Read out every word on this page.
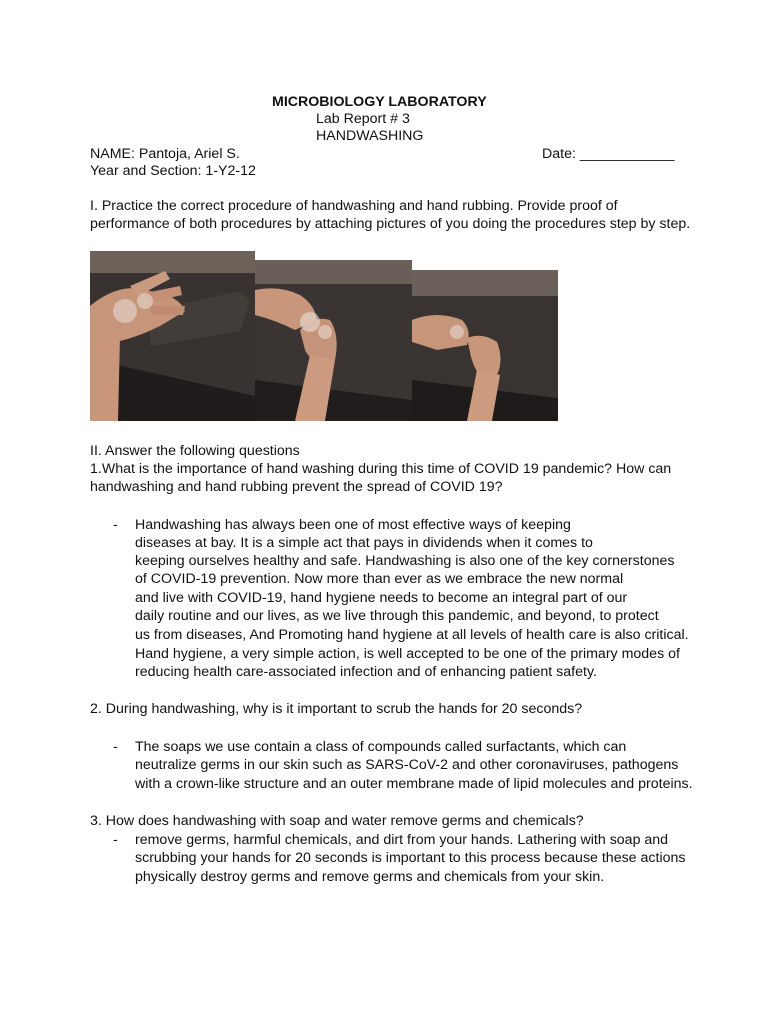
MICROBIOLOGY LABORATORY
Lab Report # 3
HANDWASHING
NAME: Pantoja, Ariel S.	Date: ____________
Year and Section: 1-Y2-12
I. Practice the correct procedure of handwashing and hand rubbing. Provide proof of
performance of both procedures by attaching pictures of you doing the procedures step by step.
II. Answer the following questions
1.What is the importance of hand washing during this time of COVID 19 pandemic? How can
handwashing and hand rubbing prevent the spread of COVID 19?
- Handwashing has always been one of most effective ways of keeping
diseases at bay. It is a simple act that pays in dividends when it comes to
keeping ourselves healthy and safe. Handwashing is also one of the key cornerstones
of COVID-19 prevention. Now more than ever as we embrace the new normal
and live with COVID-19, hand hygiene needs to become an integral part of our
daily routine and our lives, as we live through this pandemic, and beyond, to protect
us from diseases, And Promoting hand hygiene at all levels of health care is also critical.
Hand hygiene, a very simple action, is well accepted to be one of the primary modes of
reducing health care-associated infection and of enhancing patient safety.
2. During handwashing, why is it important to scrub the hands for 20 seconds?
- The soaps we use contain a class of compounds called surfactants, which can
neutralize germs in our skin such as SARS-CoV-2 and other coronaviruses, pathogens
with a crown-like structure and an outer membrane made of lipid molecules and proteins.
3. How does handwashing with soap and water remove germs and chemicals?
- remove germs, harmful chemicals, and dirt from your hands. Lathering with soap and
scrubbing your hands for 20 seconds is important to this process because these actions
physically destroy germs and remove germs and chemicals from your skin.
